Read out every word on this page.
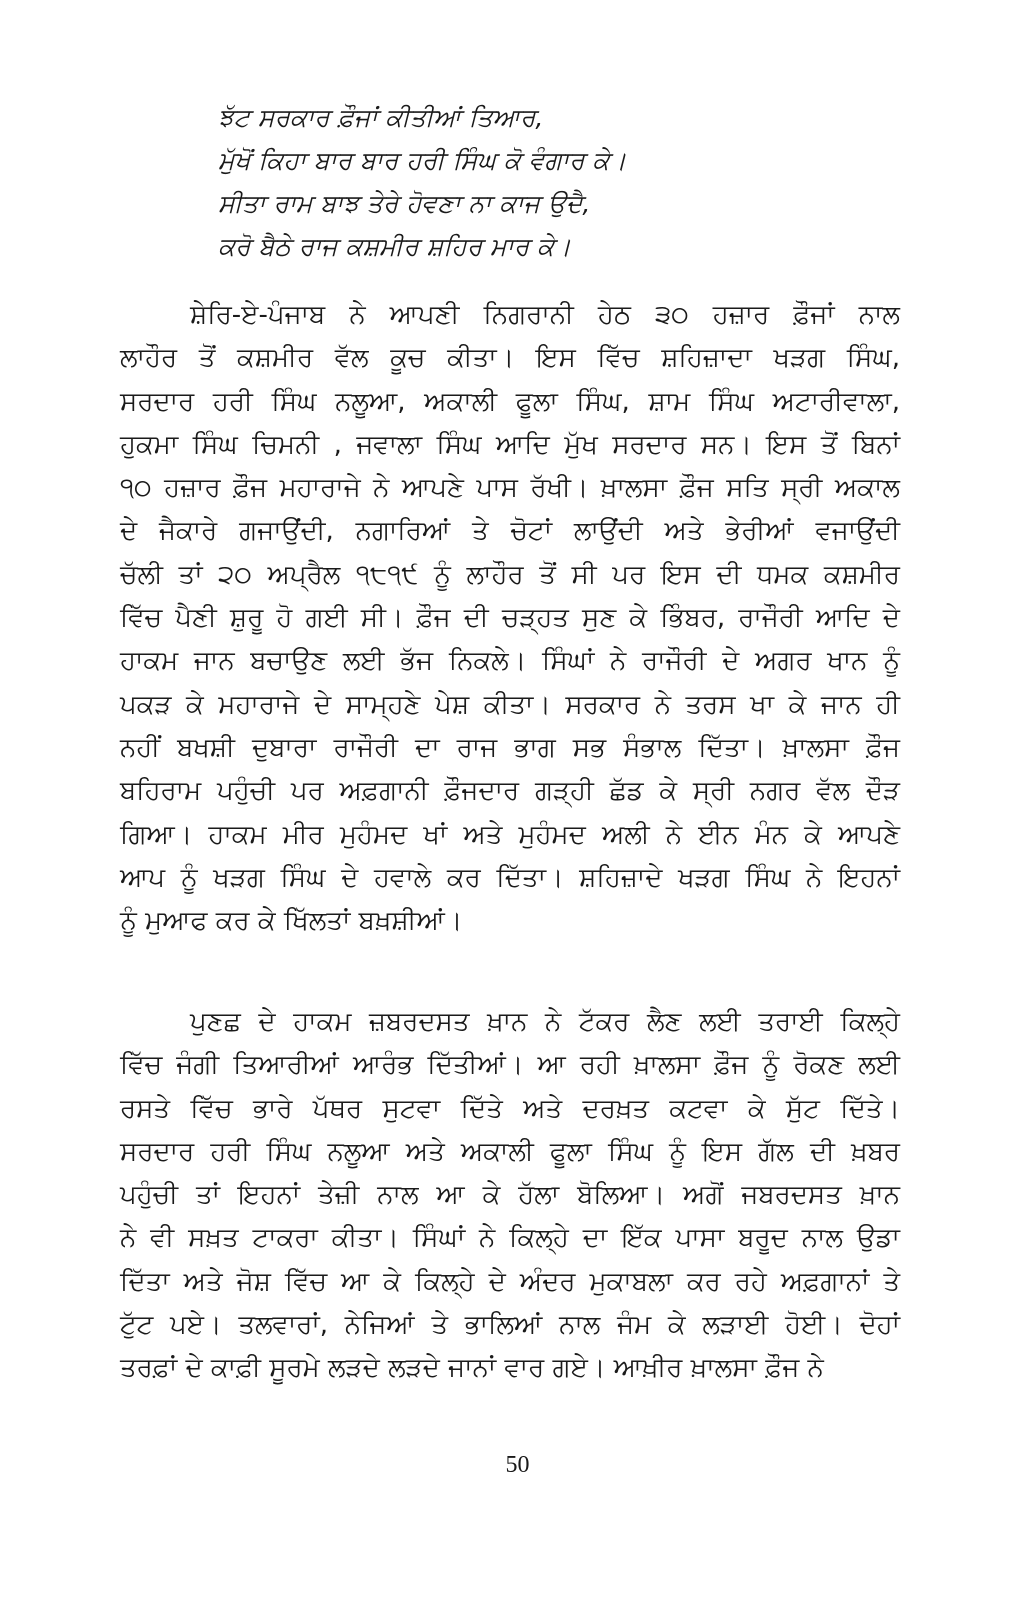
ਝੱਟ ਸਰਕਾਰ ਫ਼ੌਜਾਂ ਕੀਤੀਆਂ ਤਿਆਰ,
ਮੁੱਖੋਂ ਕਿਹਾ ਬਾਰ ਬਾਰ ਹਰੀ ਸਿੰਘ ਕੋ ਵੰਗਾਰ ਕੇ।
ਸੀਤਾ ਰਾਮ ਬਾਝ ਤੇਰੇ ਹੋਵਣਾ ਨਾ ਕਾਜ ਉਦੈ,
ਕਰੋ ਬੈਠੇ ਰਾਜ ਕਸ਼ਮੀਰ ਸ਼ਹਿਰ ਮਾਰ ਕੇ।
ਸ਼ੇਰਿ-ਏ-ਪੰਜਾਬ ਨੇ ਆਪਣੀ ਨਿਗਰਾਨੀ ਹੇਠ ੩੦ ਹਜ਼ਾਰ ਫ਼ੌਜਾਂ ਨਾਲ
ਲਾਹੌਰ ਤੋਂ ਕਸ਼ਮੀਰ ਵੱਲ ਕੂਚ ਕੀਤਾ। ਇਸ ਵਿੱਚ ਸ਼ਹਿਜ਼ਾਦਾ ਖੜਗ ਸਿੰਘ,
ਸਰਦਾਰ ਹਰੀ ਸਿੰਘ ਨਲੂਆ, ਅਕਾਲੀ ਫੂਲਾ ਸਿੰਘ, ਸ਼ਾਮ ਸਿੰਘ ਅਟਾਰੀਵਾਲਾ,
ਹੁਕਮਾ ਸਿੰਘ ਚਿਮਨੀ , ਜਵਾਲਾ ਸਿੰਘ ਆਦਿ ਮੁੱਖ ਸਰਦਾਰ ਸਨ। ਇਸ ਤੋਂ ਬਿਨਾਂ
੧੦ ਹਜ਼ਾਰ ਫ਼ੌਜ ਮਹਾਰਾਜੇ ਨੇ ਆਪਣੇ ਪਾਸ ਰੱਖੀ। ਖ਼ਾਲਸਾ ਫ਼ੌਜ ਸਤਿ ਸ੍ਰੀ ਅਕਾਲ
ਦੇ ਜੈਕਾਰੇ ਗਜਾਉਂਦੀ, ਨਗਾਰਿਆਂ ਤੇ ਚੋਟਾਂ ਲਾਉਂਦੀ ਅਤੇ ਭੇਰੀਆਂ ਵਜਾਉਂਦੀ
ਚੱਲੀ ਤਾਂ ੨੦ ਅਪ੍ਰੈਲ ੧੮੧੯ ਨੂੰ ਲਾਹੌਰ ਤੋਂ ਸੀ ਪਰ ਇਸ ਦੀ ਧਮਕ ਕਸ਼ਮੀਰ
ਵਿੱਚ ਪੈਣੀ ਸ਼ੁਰੂ ਹੋ ਗਈ ਸੀ। ਫ਼ੌਜ ਦੀ ਚੜ੍ਹਤ ਸੁਣ ਕੇ ਭਿੰਬਰ, ਰਾਜੌਰੀ ਆਦਿ ਦੇ
ਹਾਕਮ ਜਾਨ ਬਚਾਉਣ ਲਈ ਭੱਜ ਨਿਕਲੇ। ਸਿੰਘਾਂ ਨੇ ਰਾਜੌਰੀ ਦੇ ਅਗਰ ਖਾਨ ਨੂੰ
ਪਕੜ ਕੇ ਮਹਾਰਾਜੇ ਦੇ ਸਾਮ੍ਹਣੇ ਪੇਸ਼ ਕੀਤਾ। ਸਰਕਾਰ ਨੇ ਤਰਸ ਖਾ ਕੇ ਜਾਨ ਹੀ
ਨਹੀਂ ਬਖਸ਼ੀ ਦੁਬਾਰਾ ਰਾਜੌਰੀ ਦਾ ਰਾਜ ਭਾਗ ਸਭ ਸੰਭਾਲ ਦਿੱਤਾ। ਖ਼ਾਲਸਾ ਫ਼ੌਜ
ਬਹਿਰਾਮ ਪਹੁੰਚੀ ਪਰ ਅਫ਼ਗਾਨੀ ਫ਼ੌਜਦਾਰ ਗੜ੍ਹੀ ਛੱਡ ਕੇ ਸ੍ਰੀ ਨਗਰ ਵੱਲ ਦੌੜ
ਗਿਆ। ਹਾਕਮ ਮੀਰ ਮੁਹੰਮਦ ਖਾਂ ਅਤੇ ਮੁਹੰਮਦ ਅਲੀ ਨੇ ਈਨ ਮੰਨ ਕੇ ਆਪਣੇ
ਆਪ ਨੂੰ ਖੜਗ ਸਿੰਘ ਦੇ ਹਵਾਲੇ ਕਰ ਦਿੱਤਾ। ਸ਼ਹਿਜ਼ਾਦੇ ਖੜਗ ਸਿੰਘ ਨੇ ਇਹਨਾਂ
ਨੂੰ ਮੁਆਫ ਕਰ ਕੇ ਖਿੱਲਤਾਂ ਬਖ਼ਸ਼ੀਆਂ।
ਪੁਣਛ ਦੇ ਹਾਕਮ ਜ਼ਬਰਦਸਤ ਖ਼ਾਨ ਨੇ ਟੱਕਰ ਲੈਣ ਲਈ ਤਰਾਈ ਕਿਲ੍ਹੇ
ਵਿੱਚ ਜੰਗੀ ਤਿਆਰੀਆਂ ਆਰੰਭ ਦਿੱਤੀਆਂ। ਆ ਰਹੀ ਖ਼ਾਲਸਾ ਫ਼ੌਜ ਨੂੰ ਰੋਕਣ ਲਈ
ਰਸਤੇ ਵਿੱਚ ਭਾਰੇ ਪੱਥਰ ਸੁਟਵਾ ਦਿੱਤੇ ਅਤੇ ਦਰਖ਼ਤ ਕਟਵਾ ਕੇ ਸੁੱਟ ਦਿੱਤੇ।
ਸਰਦਾਰ ਹਰੀ ਸਿੰਘ ਨਲੂਆ ਅਤੇ ਅਕਾਲੀ ਫੂਲਾ ਸਿੰਘ ਨੂੰ ਇਸ ਗੱਲ ਦੀ ਖ਼ਬਰ
ਪਹੁੰਚੀ ਤਾਂ ਇਹਨਾਂ ਤੇਜ਼ੀ ਨਾਲ ਆ ਕੇ ਹੱਲਾ ਬੋਲਿਆ। ਅਗੋਂ ਜਬਰਦਸਤ ਖ਼ਾਨ
ਨੇ ਵੀ ਸਖ਼ਤ ਟਾਕਰਾ ਕੀਤਾ। ਸਿੰਘਾਂ ਨੇ ਕਿਲ੍ਹੇ ਦਾ ਇੱਕ ਪਾਸਾ ਬਰੂਦ ਨਾਲ ਉਡਾ
ਦਿੱਤਾ ਅਤੇ ਜੋਸ਼ ਵਿੱਚ ਆ ਕੇ ਕਿਲ੍ਹੇ ਦੇ ਅੰਦਰ ਮੁਕਾਬਲਾ ਕਰ ਰਹੇ ਅਫ਼ਗਾਨਾਂ ਤੇ
ਟੁੱਟ ਪਏ। ਤਲਵਾਰਾਂ, ਨੇਜਿਆਂ ਤੇ ਭਾਲਿਆਂ ਨਾਲ ਜੰਮ ਕੇ ਲੜਾਈ ਹੋਈ। ਦੋਹਾਂ
ਤਰਫ਼ਾਂ ਦੇ ਕਾਫ਼ੀ ਸੂਰਮੇ ਲੜਦੇ ਲੜਦੇ ਜਾਨਾਂ ਵਾਰ ਗਏ। ਆਖ਼ੀਰ ਖ਼ਾਲਸਾ ਫ਼ੌਜ ਨੇ
50
